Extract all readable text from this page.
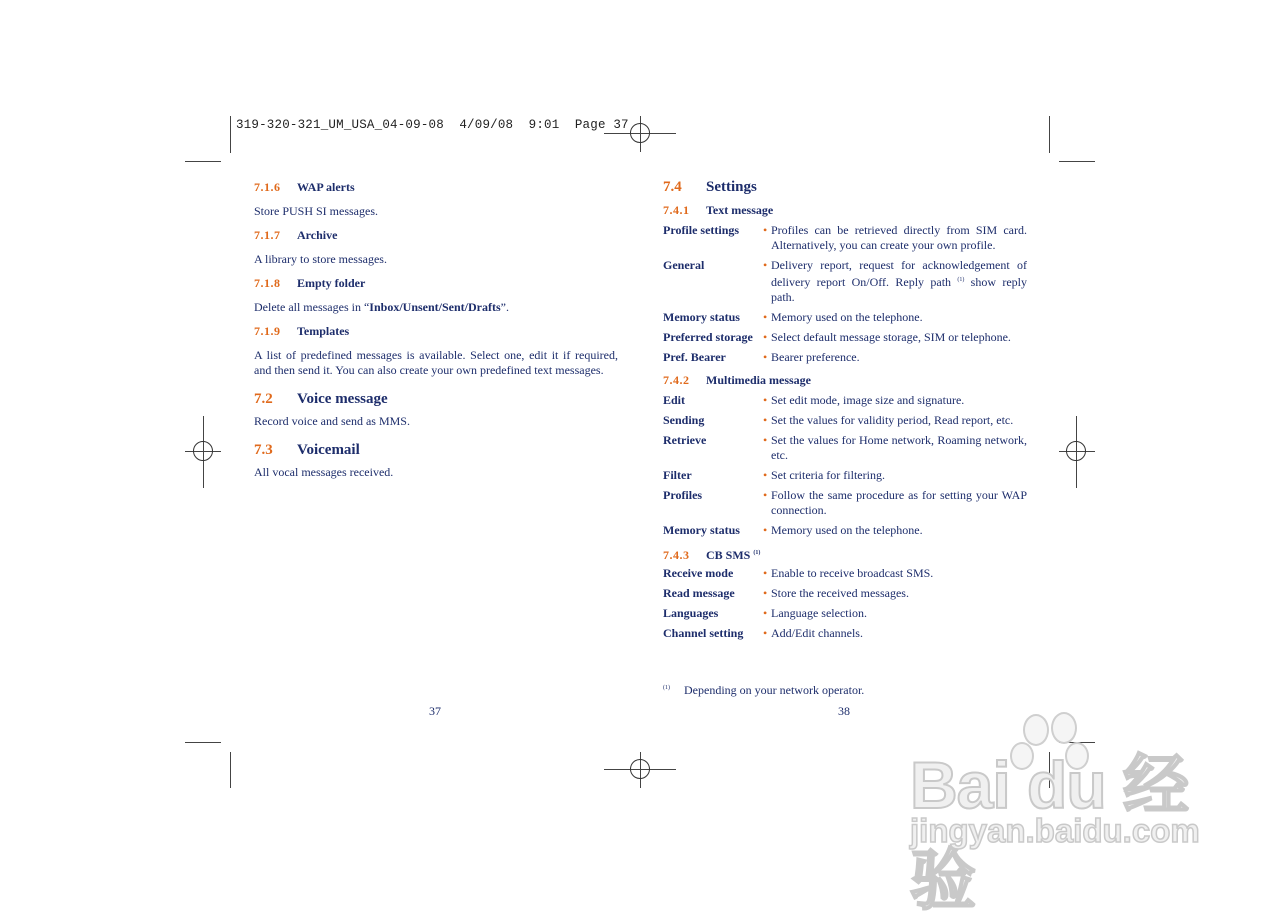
319-320-321_UM_USA_04-09-08  4/09/08  9:01  Page 37
7.1.6 WAP alerts

Store PUSH SI messages.

7.1.7 Archive

A library to store messages.

7.1.8 Empty folder

Delete all messages in “Inbox/Unsent/Sent/Drafts”.

7.1.9 Templates

A list of predefined messages is available. Select one, edit it if required, and then send it. You can also create your own predefined text messages.

7.2 Voice message

Record voice and send as MMS.

7.3 Voicemail

All vocal messages received.

37
7.4 Settings
7.4.1 Text message
Profile settings	• Profiles can be retrieved directly from SIM card. Alternatively, you can create your own profile.
General	• Delivery report, request for acknowledgement of delivery report On/Off. Reply path $^{(1)}$ show reply path.
Memory status	• Memory used on the telephone.
Preferred storage • Select default message storage, SIM or telephone.
Pref. Bearer	• Bearer preference.
7.4.2 Multimedia message
Edit	• Set edit mode, image size and signature.
Sending	• Set the values for validity period, Read report, etc.
Retrieve	• Set the values for Home network, Roaming network, etc.
Filter	• Set criteria for filtering.
Profiles	• Follow the same procedure as for setting your WAP connection.
Memory status	• Memory used on the telephone.
7.4.3 CB SMS $^{(1)}$
Receive mode	• Enable to receive broadcast SMS.
Read message	• Store the received messages.
Languages	• Language selection.
Channel setting	• Add/Edit channels.
$^{(1)}$ Depending on your network operator.
38
Bai du 经验
jingyan.baidu.com
